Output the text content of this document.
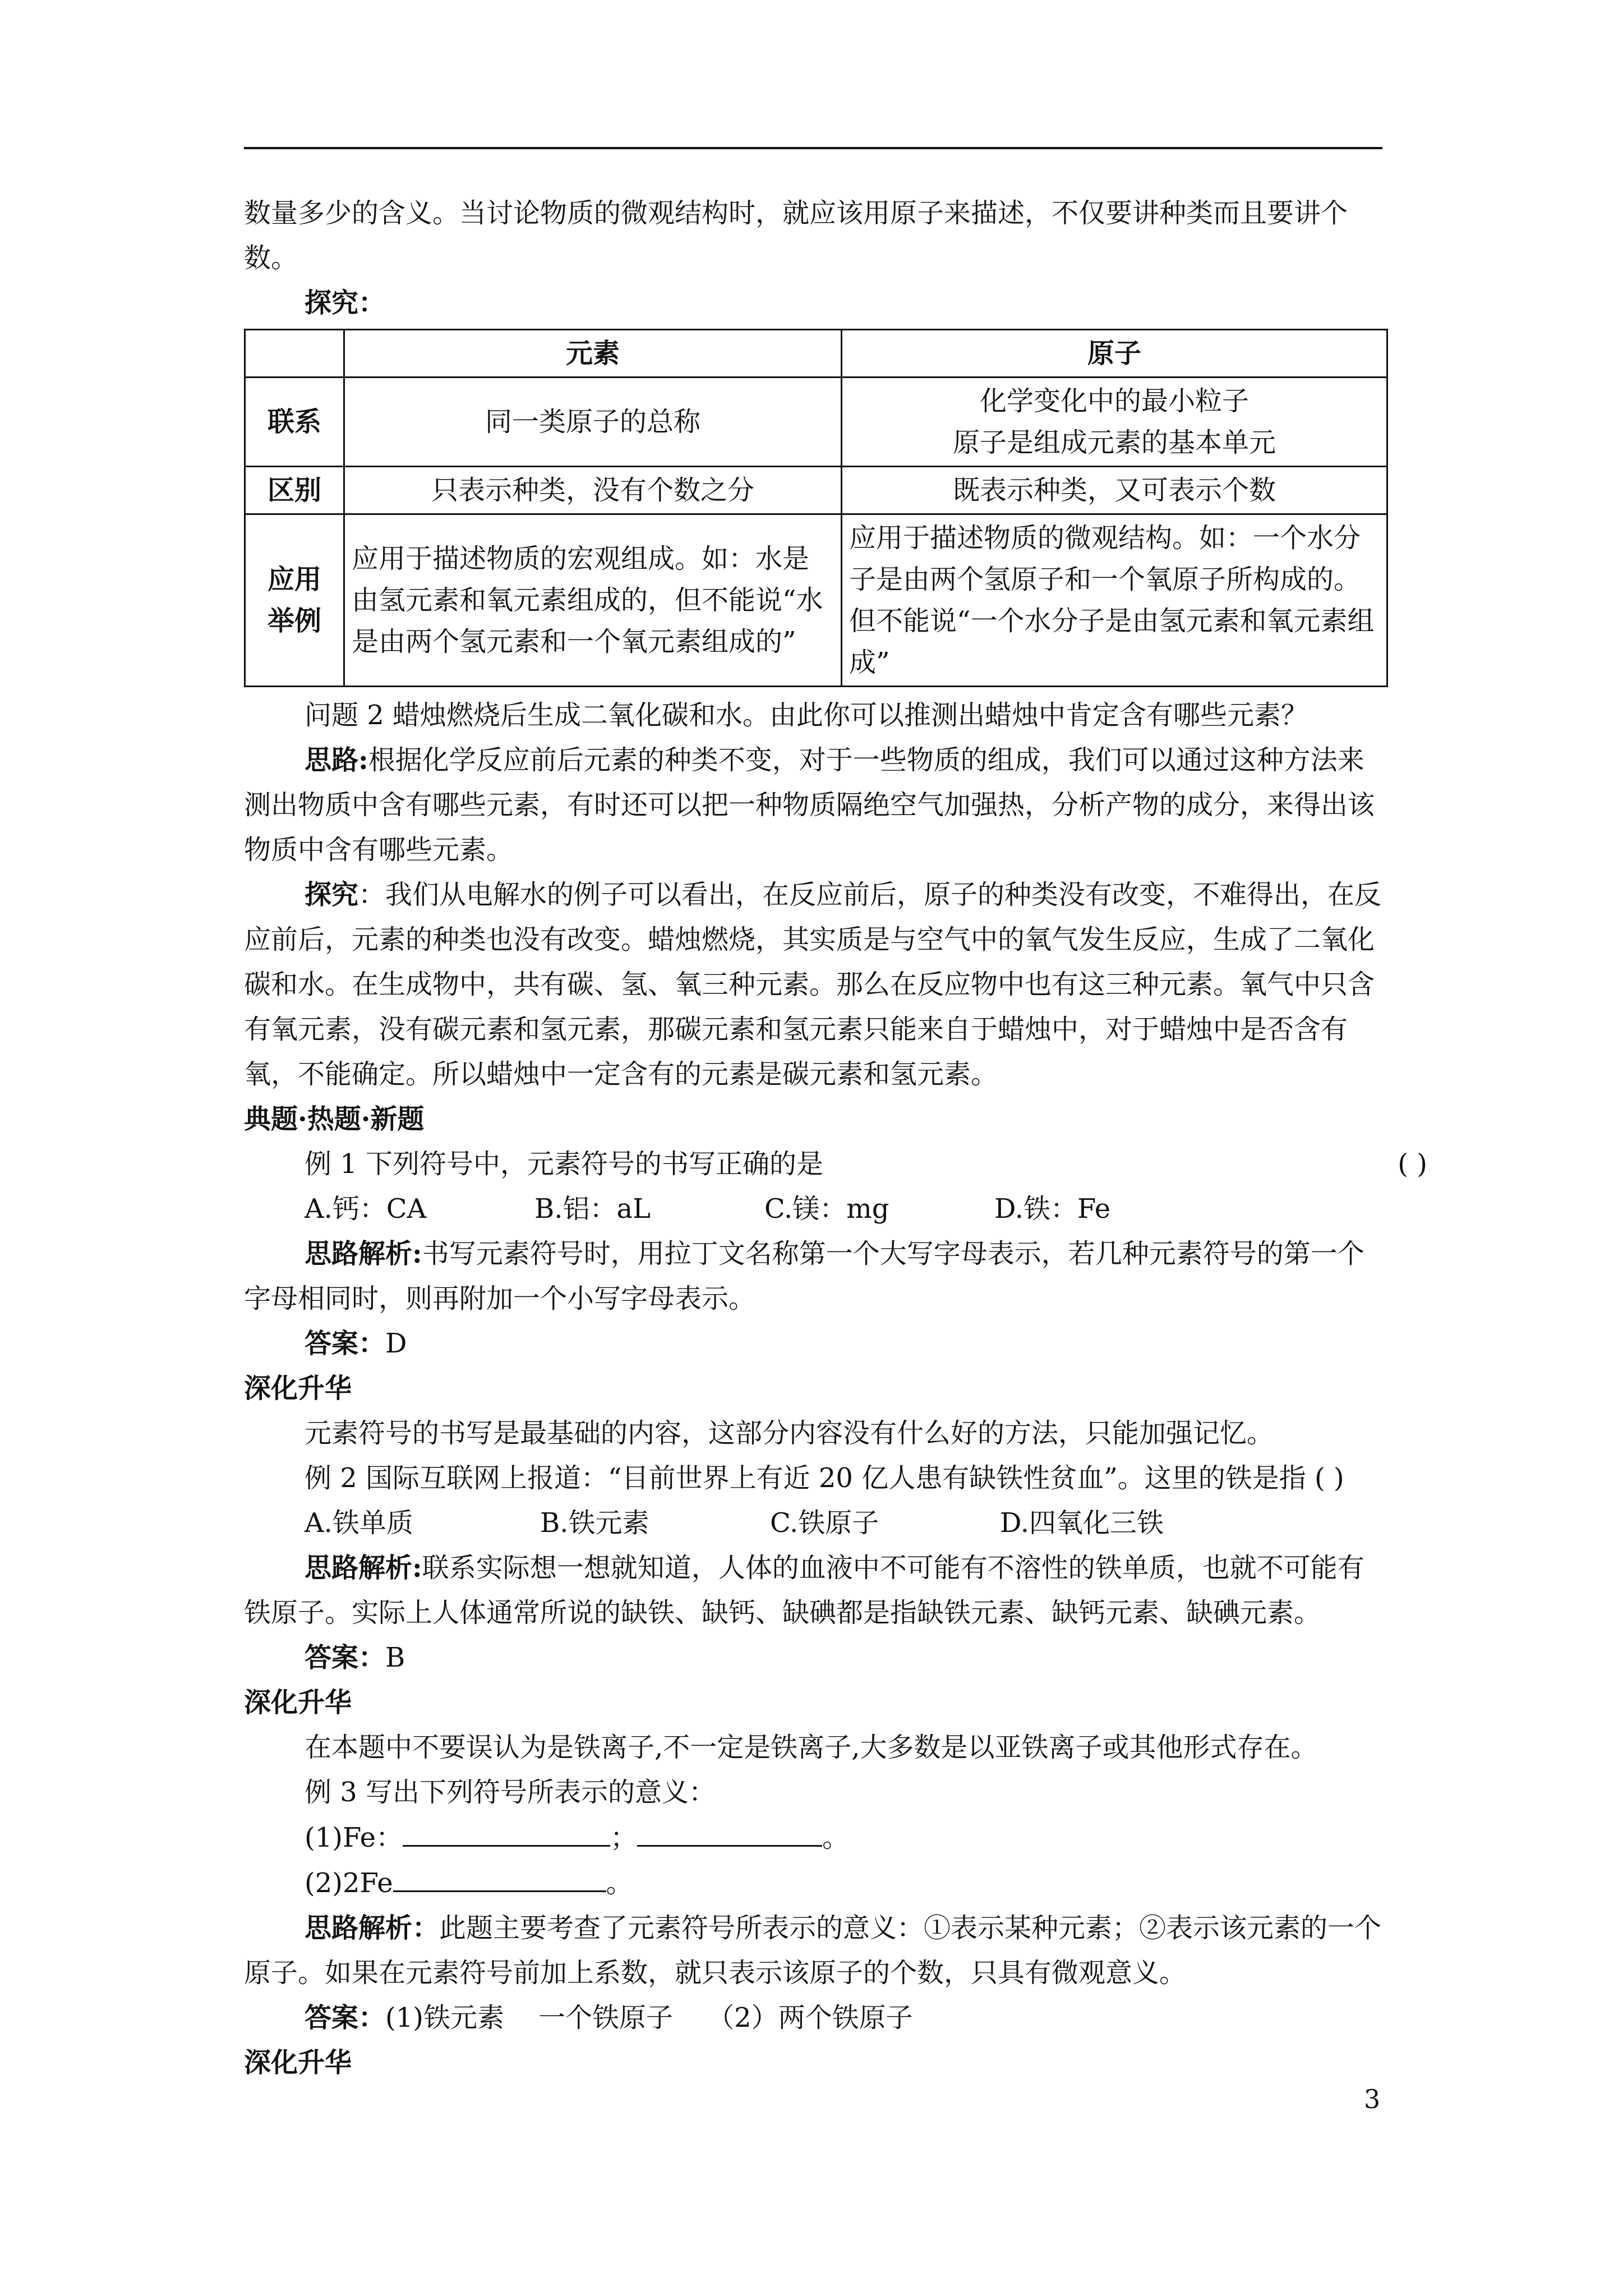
数量多少的含义。当讨论物质的微观结构时，就应该用原子来描述，不仅要讲种类而且要讲个数。

探究：

	元素	原子
联系	同一类原子的总称	化学变化中的最小粒子
原子是组成元素的基本单元

区别	只表示种类，没有个数之分	既表示种类，又可表示个数

应用
举例	应用于描述物质的宏观组成。如：水是由氢元素和氧元素组成的，但不能说“水是由两个氢元素和一个氧元素组成的”	应用于描述物质的微观结构。如：一个水分子是由两个氢原子和一个氧原子所构成的。但不能说“一个水分子是由氢元素和氧元素组成”

问题 2 蜡烛燃烧后生成二氧化碳和水。由此你可以推测出蜡烛中肯定含有哪些元素？

思路:根据化学反应前后元素的种类不变，对于一些物质的组成，我们可以通过这种方法来测出物质中含有哪些元素，有时还可以把一种物质隔绝空气加强热，分析产物的成分，来得出该物质中含有哪些元素。

探究：我们从电解水的例子可以看出，在反应前后，原子的种类没有改变，不难得出，在反应前后，元素的种类也没有改变。蜡烛燃烧，其实质是与空气中的氧气发生反应，生成了二氧化碳和水。在生成物中，共有碳、氢、氧三种元素。那么在反应物中也有这三种元素。氧气中只含有氧元素，没有碳元素和氢元素，那碳元素和氢元素只能来自于蜡烛中，对于蜡烛中是否含有氧，不能确定。所以蜡烛中一定含有的元素是碳元素和氢元素。

典题·热题·新题

例 1 下列符号中，元素符号的书写正确的是	( )

A.钙：CA	B.铝：aL	C.镁：mg	D.铁：Fe

思路解析:书写元素符号时，用拉丁文名称第一个大写字母表示，若几种元素符号的第一个字母相同时，则再附加一个小写字母表示。

答案：D

深化升华

元素符号的书写是最基础的内容，这部分内容没有什么好的方法，只能加强记忆。

例 2 国际互联网上报道：“目前世界上有近 20 亿人患有缺铁性贫血”。这里的铁是指 ( )

A.铁单质	B.铁元素	C.铁原子	D.四氧化三铁

思路解析:联系实际想一想就知道，人体的血液中不可能有不溶性的铁单质，也就不可能有铁原子。实际上人体通常所说的缺铁、缺钙、缺碘都是指缺铁元素、缺钙元素、缺碘元素。

答案：B

深化升华

在本题中不要误认为是铁离子,不一定是铁离子,大多数是以亚铁离子或其他形式存在。

例 3 写出下列符号所表示的意义：

(1)Fe：	；	。

(2)2Fe	。

思路解析：此题主要考查了元素符号所表示的意义：①表示某种元素；②表示该元素的一个原子。如果在元素符号前加上系数，就只表示该原子的个数，只具有微观意义。

答案：(1)铁元素    一个铁原子    （2）两个铁原子

深化升华

3
